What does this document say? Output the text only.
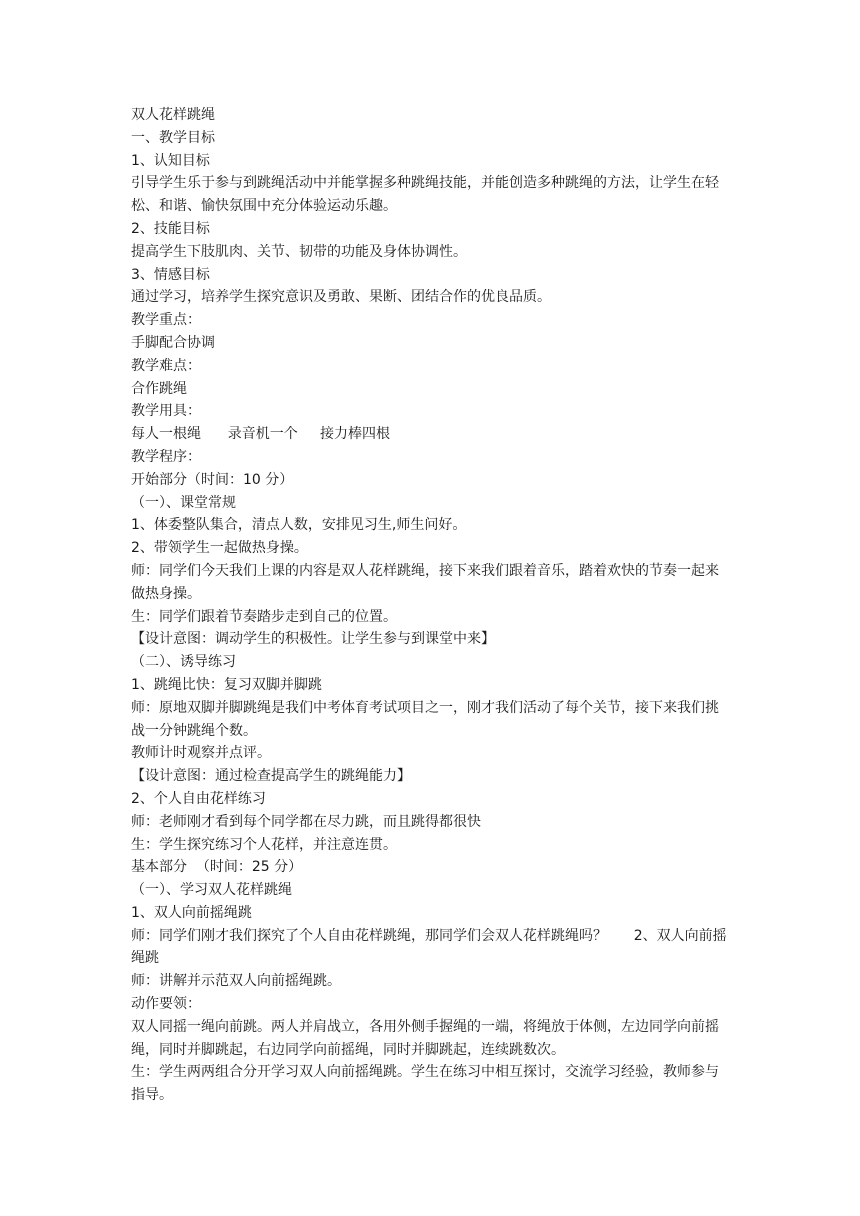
双人花样跳绳
一、教学目标
1、认知目标
引导学生乐于参与到跳绳活动中并能掌握多种跳绳技能，并能创造多种跳绳的方法，让学生在轻松、和谐、愉快氛围中充分体验运动乐趣。
2、技能目标
提高学生下肢肌肉、关节、韧带的功能及身体协调性。
3、情感目标
通过学习，培养学生探究意识及勇敢、果断、团结合作的优良品质。
教学重点：
手脚配合协调
教学难点：
合作跳绳
教学用具：
每人一根绳      录音机一个     接力棒四根
教学程序：
开始部分（时间：10 分）
（一）、课堂常规
1、体委整队集合，清点人数，安排见习生,师生问好。
2、带领学生一起做热身操。
师：同学们今天我们上课的内容是双人花样跳绳，接下来我们跟着音乐，踏着欢快的节奏一起来做热身操。
生：同学们跟着节奏踏步走到自己的位置。
【设计意图：调动学生的积极性。让学生参与到课堂中来】
（二）、诱导练习
1、跳绳比快：复习双脚并脚跳
师：原地双脚并脚跳绳是我们中考体育考试项目之一，刚才我们活动了每个关节，接下来我们挑战一分钟跳绳个数。
教师计时观察并点评。
【设计意图：通过检查提高学生的跳绳能力】
2、个人自由花样练习
师：老师刚才看到每个同学都在尽力跳，而且跳得都很快
生：学生探究练习个人花样，并注意连贯。
基本部分  （时间：25 分）
（一）、学习双人花样跳绳
1、双人向前摇绳跳
师：同学们刚才我们探究了个人自由花样跳绳，那同学们会双人花样跳绳吗？      2、双人向前摇绳跳
师：讲解并示范双人向前摇绳跳。
动作要领：
双人同摇一绳向前跳。两人并肩战立，各用外侧手握绳的一端，将绳放于体侧，左边同学向前摇绳，同时并脚跳起，右边同学向前摇绳，同时并脚跳起，连续跳数次。
生：学生两两组合分开学习双人向前摇绳跳。学生在练习中相互探讨，交流学习经验，教师参与指导。
